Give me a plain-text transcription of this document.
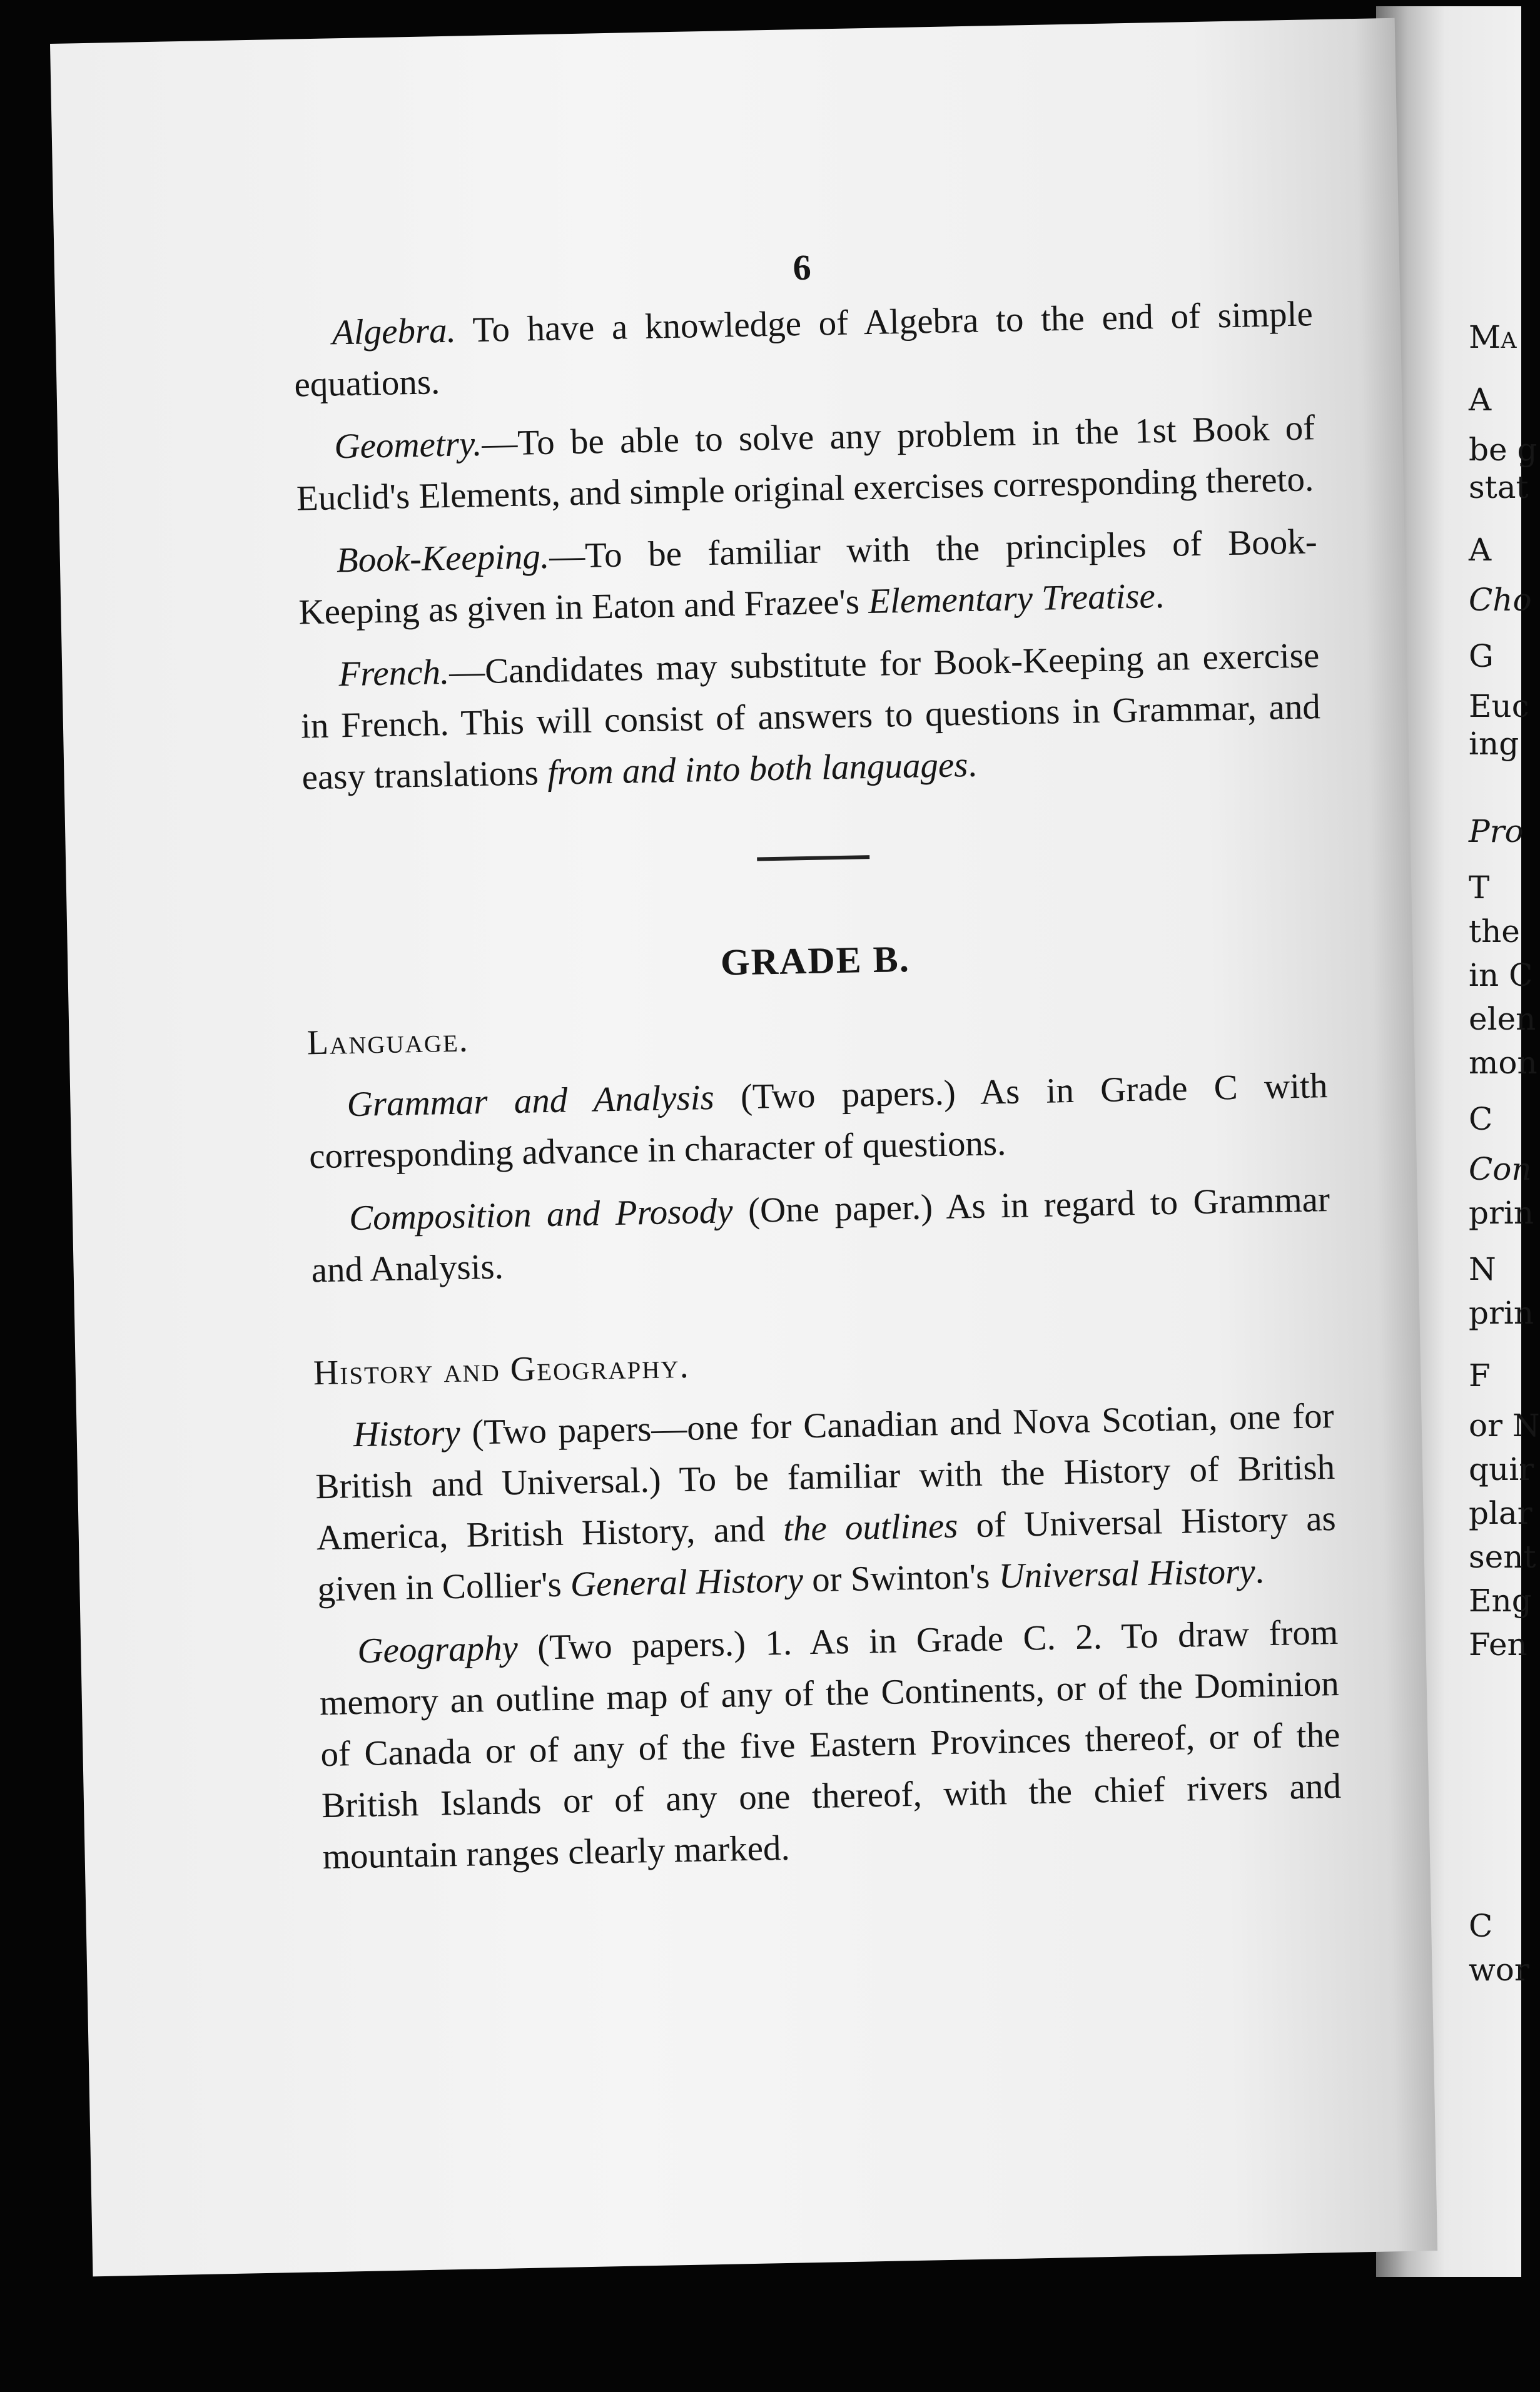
Ma
A
be g
stat
A
Cho
G
Euc
ing
Pro
T
the
in C
elen
mon
C
Con
prin
N
prin
F
or N
quir
plar
sent
Eng
Fen
C
wor
6

Algebra. To have a knowledge of Algebra to the end of simple equations.

Geometry.—To be able to solve any problem in the 1st Book of Euclid's Elements, and simple original exercises corresponding thereto.

Book-Keeping.—To be familiar with the principles of Book-Keeping as given in Eaton and Frazee's Elementary Treatise.

French.—Candidates may substitute for Book-Keeping an exercise in French. This will consist of answers to questions in Grammar, and easy translations from and into both languages.

GRADE B.
Language.

Grammar and Analysis (Two papers.) As in Grade C with corresponding advance in character of questions.

Composition and Prosody (One paper.) As in regard to Grammar and Analysis.

History and Geography.

History (Two papers—one for Canadian and Nova Scotian, one for British and Universal.) To be familiar with the History of British America, British History, and the outlines of Universal History as given in Collier's General History or Swinton's Universal History.

Geography (Two papers.) 1. As in Grade C. 2. To draw from memory an outline map of any of the Continents, or of the Dominion of Canada or of any of the five Eastern Provinces thereof, or of the British Islands or of any one thereof, with the chief rivers and mountain ranges clearly marked.
